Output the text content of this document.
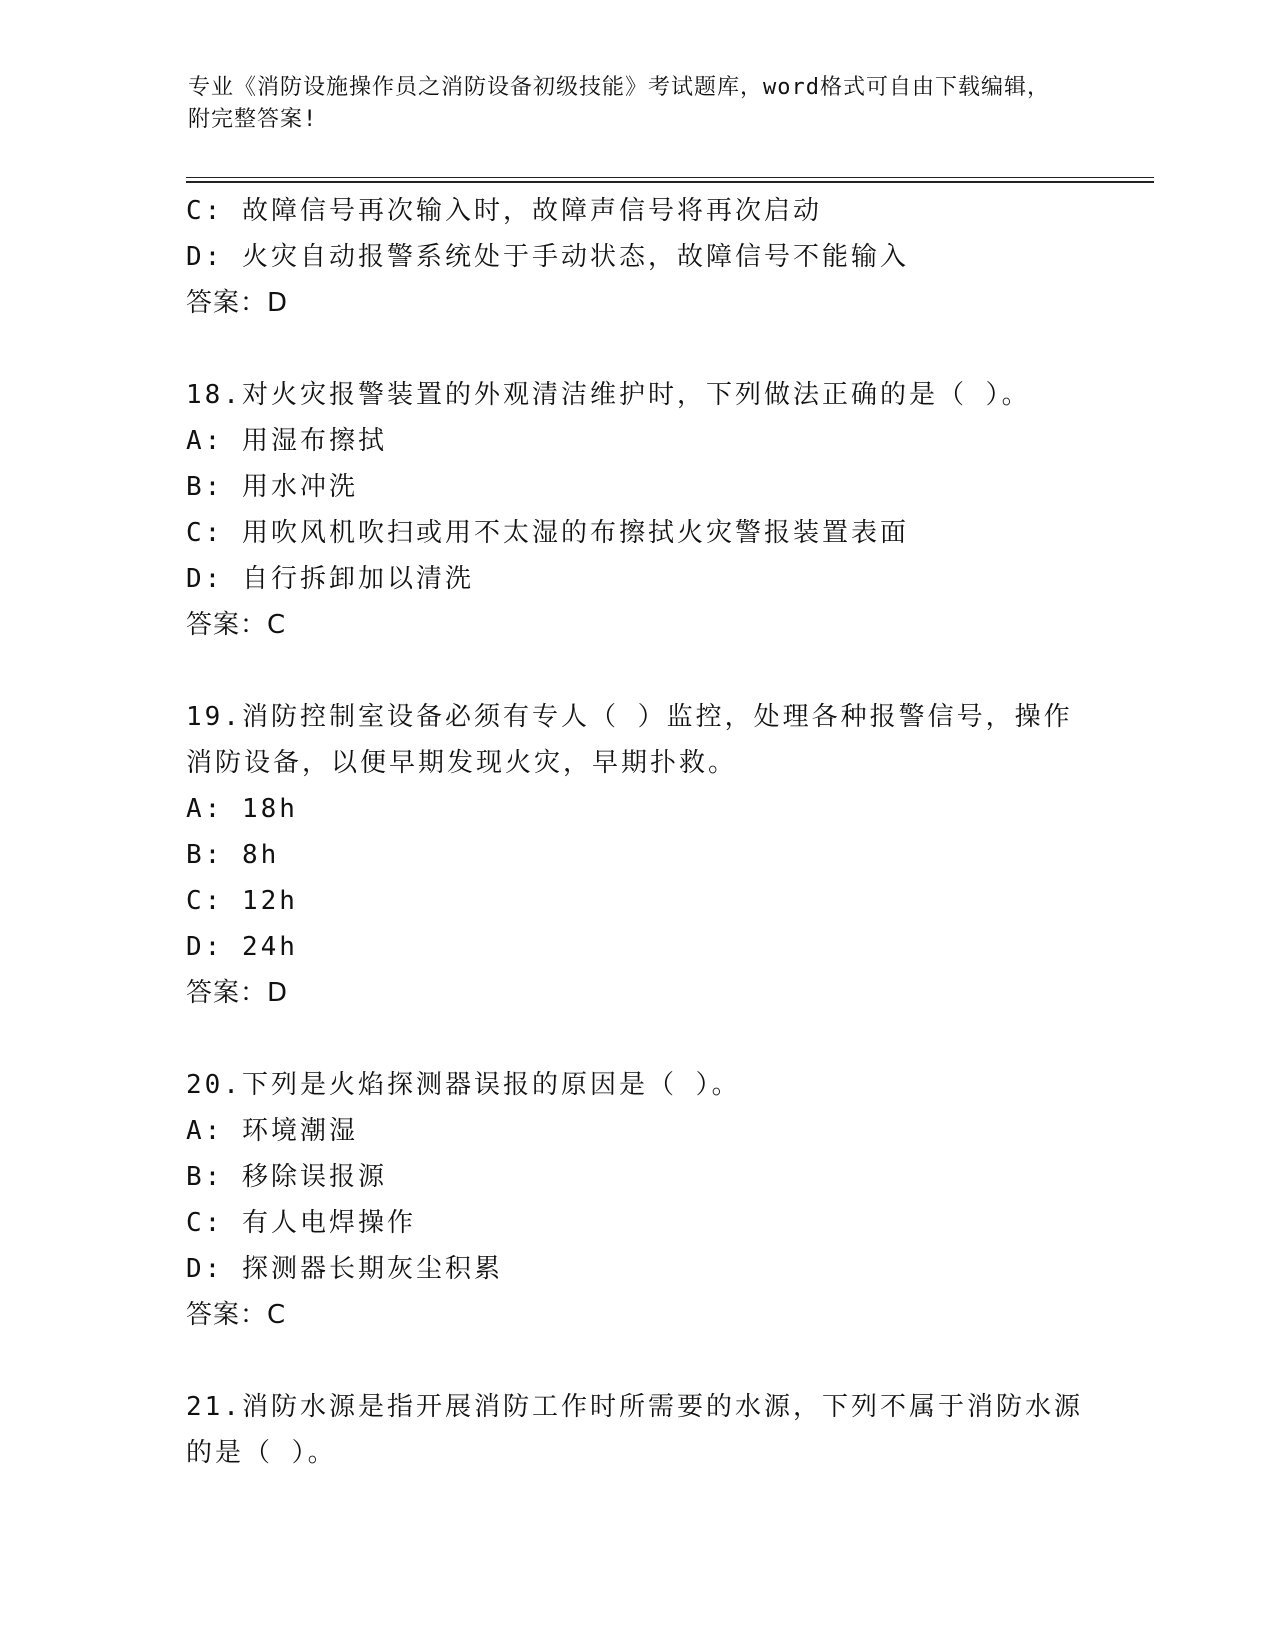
专业《消防设施操作员之消防设备初级技能》考试题库，word格式可自由下载编辑，附完整答案!
C: 故障信号再次输入时，故障声信号将再次启动
D: 火灾自动报警系统处于手动状态，故障信号不能输入
答案：D
18.对火灾报警装置的外观清洁维护时，下列做法正确的是（ ）。
A: 用湿布擦拭
B: 用水冲洗
C: 用吹风机吹扫或用不太湿的布擦拭火灾警报装置表面
D: 自行拆卸加以清洗
答案：C
19.消防控制室设备必须有专人（ ）监控，处理各种报警信号，操作消防设备，以便早期发现火灾，早期扑救。
A: 18h
B: 8h
C: 12h
D: 24h
答案：D
20.下列是火焰探测器误报的原因是（ ）。
A: 环境潮湿
B: 移除误报源
C: 有人电焊操作
D: 探测器长期灰尘积累
答案：C
21.消防水源是指开展消防工作时所需要的水源，下列不属于消防水源的是（ ）。
